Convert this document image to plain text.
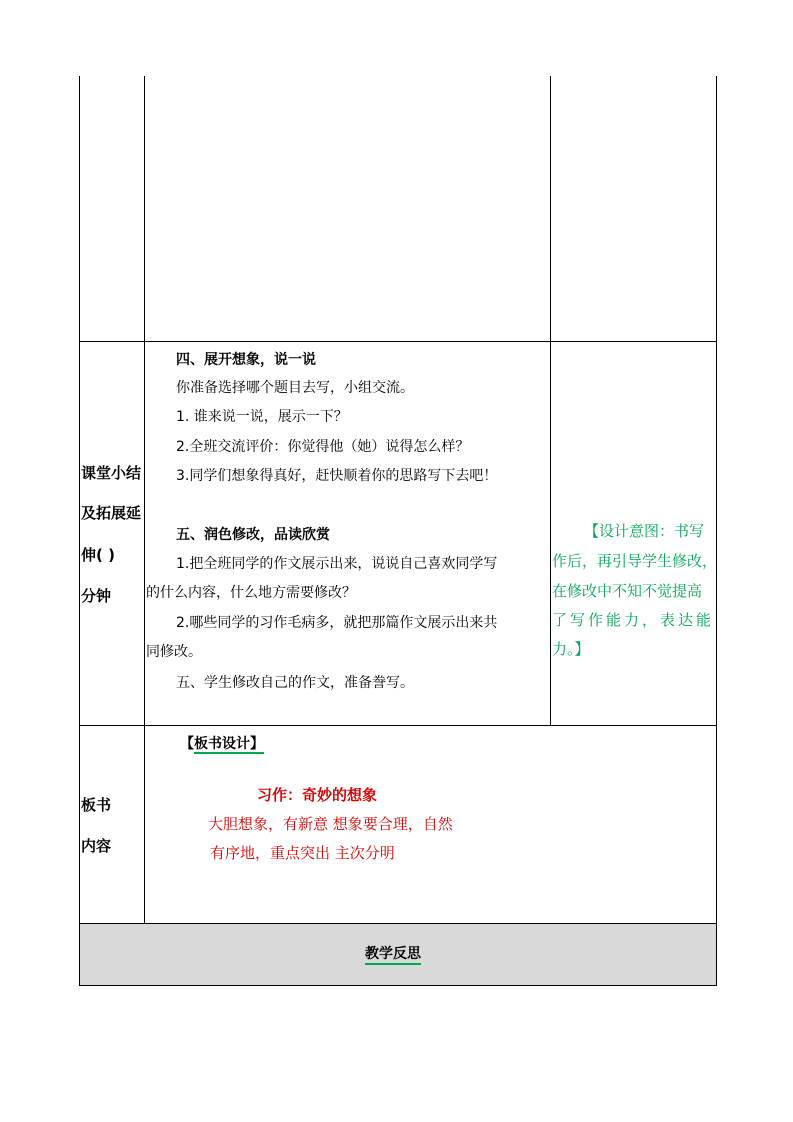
课堂小结
及拓展延
伸( )
分钟
四、展开想象，说一说
你准备选择哪个题目去写，小组交流。
1. 谁来说一说，展示一下？
2.全班交流评价：你觉得他（她）说得怎么样？
3.同学们想象得真好，赶快顺着你的思路写下去吧！
五、润色修改，品读欣赏
1.把全班同学的作文展示出来，说说自己喜欢同学写
的什么内容，什么地方需要修改？
2.哪些同学的习作毛病多，就把那篇作文展示出来共
同修改。
五、学生修改自己的作文，准备誊写。
【设计意图：书写
作后，再引导学生修改，
在修改中不知不觉提高
了写作能力，表达能
力。】
板书
内容
【板书设计】
习作：奇妙的想象
大胆想象，有新意 想象要合理，自然
有序地，重点突出 主次分明
教学反思
